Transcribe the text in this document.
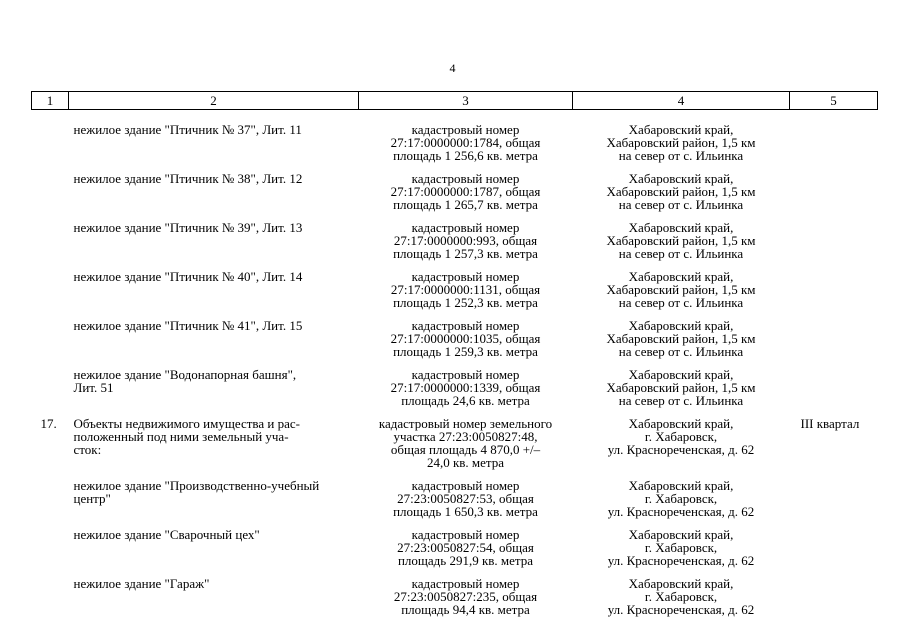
4
1	2	3	4	5

	нежилое здание "Птичник № 37", Лит. 11	кадастровый номер
27:17:0000000:1784, общая
площадь 1 256,6 кв. метра	Хабаровский край,
Хабаровский район, 1,5 км
на север от с. Ильинка	

	нежилое здание "Птичник № 38", Лит. 12	кадастровый номер
27:17:0000000:1787, общая
площадь 1 265,7 кв. метра	Хабаровский край,
Хабаровский район, 1,5 км
на север от с. Ильинка	

	нежилое здание "Птичник № 39", Лит. 13	кадастровый номер
27:17:0000000:993, общая
площадь 1 257,3 кв. метра	Хабаровский край,
Хабаровский район, 1,5 км
на север от с. Ильинка	

	нежилое здание "Птичник № 40", Лит. 14	кадастровый номер
27:17:0000000:1131, общая
площадь 1 252,3 кв. метра	Хабаровский край,
Хабаровский район, 1,5 км
на север от с. Ильинка	

	нежилое здание "Птичник № 41", Лит. 15	кадастровый номер
27:17:0000000:1035, общая
площадь 1 259,3 кв. метра	Хабаровский край,
Хабаровский район, 1,5 км
на север от с. Ильинка	

	нежилое здание "Водонапорная башня",
Лит. 51	кадастровый номер
27:17:0000000:1339, общая
площадь 24,6 кв. метра	Хабаровский край,
Хабаровский район, 1,5 км
на север от с. Ильинка	

17.	Объекты недвижимого имущества и рас-
положенный под ними земельный уча-
сток:	кадастровый номер земельного
участка 27:23:0050827:48,
общая площадь 4 870,0 +/–
24,0 кв. метра	Хабаровский край,
г. Хабаровск,
ул. Краснореченская, д. 62	III квартал

	нежилое здание "Производственно-учебный
центр"	кадастровый номер
27:23:0050827:53, общая
площадь 1 650,3 кв. метра	Хабаровский край,
г. Хабаровск,
ул. Краснореченская, д. 62	

	нежилое здание "Сварочный цех"	кадастровый номер
27:23:0050827:54, общая
площадь 291,9 кв. метра	Хабаровский край,
г. Хабаровск,
ул. Краснореченская, д. 62	

	нежилое здание "Гараж"	кадастровый номер
27:23:0050827:235, общая
площадь 94,4 кв. метра	Хабаровский край,
г. Хабаровск,
ул. Краснореченская, д. 62	
